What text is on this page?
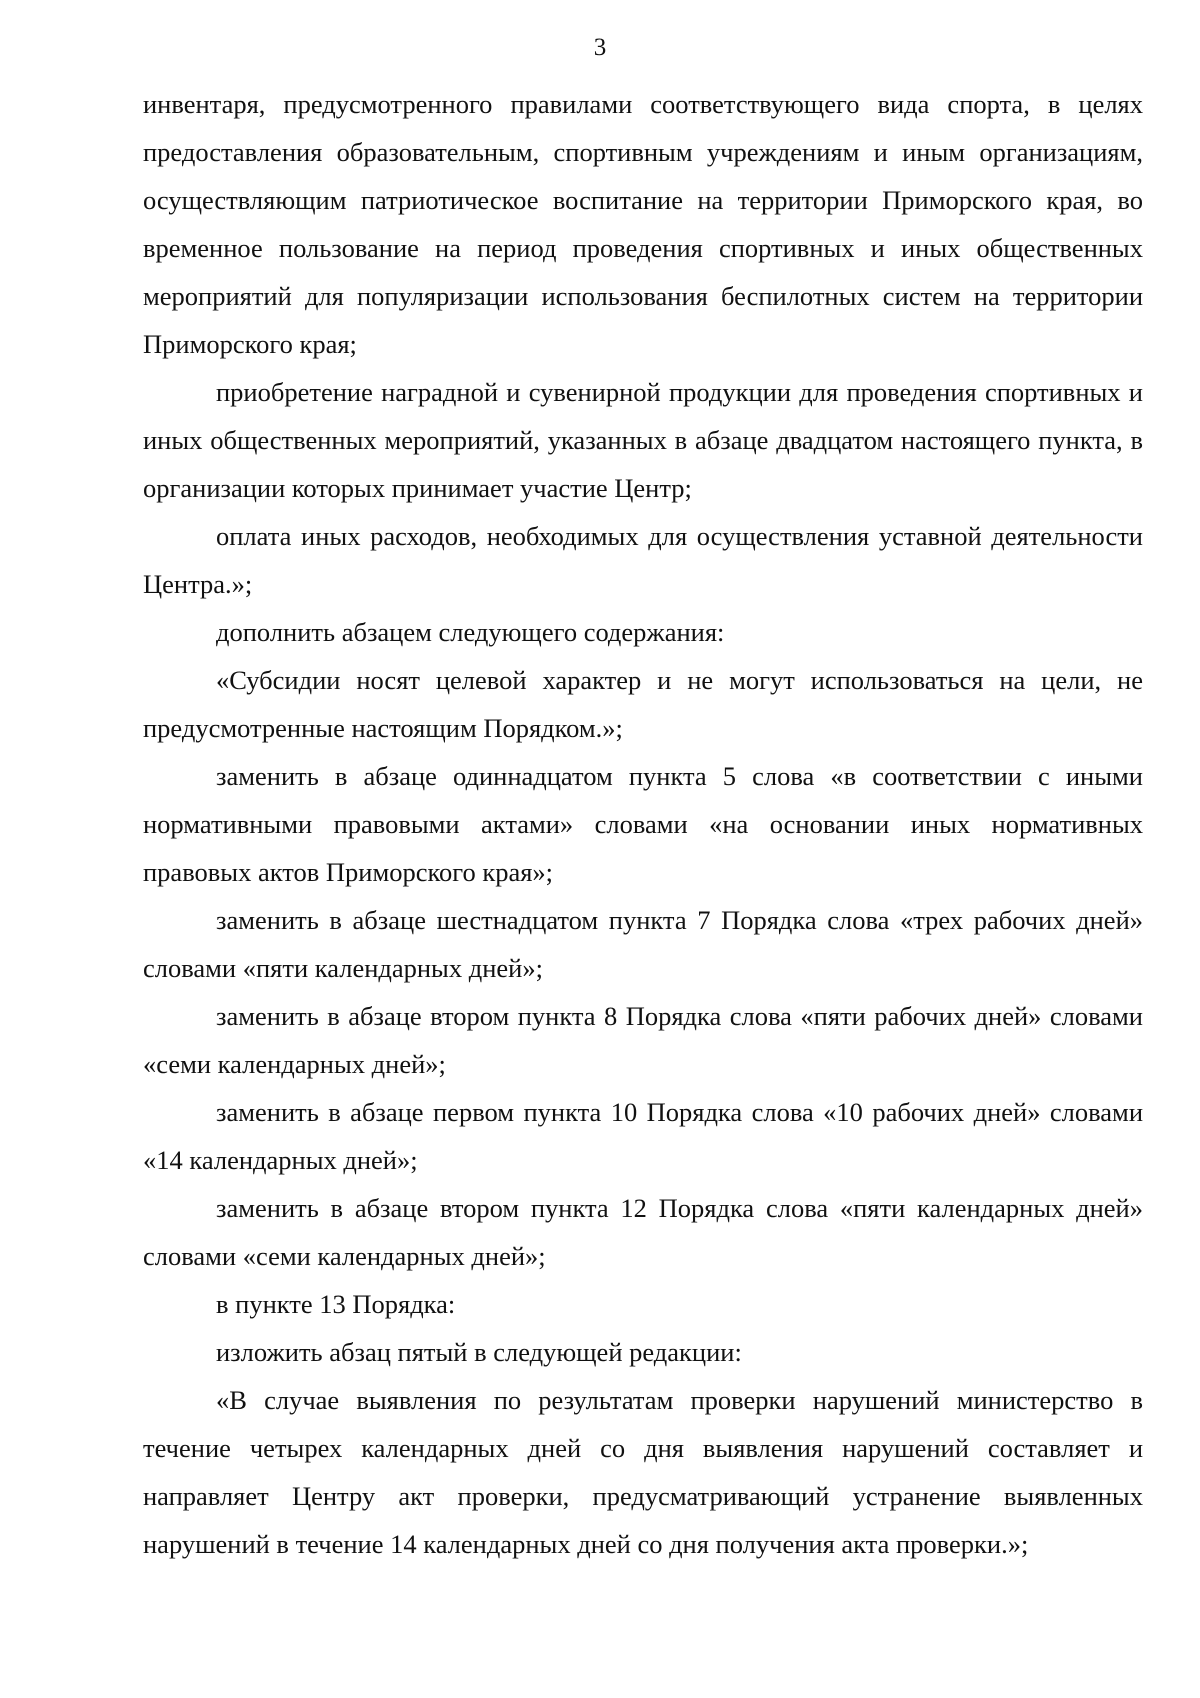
3

инвентаря, предусмотренного правилами соответствующего вида спорта, в целях предоставления образовательным, спортивным учреждениям и иным организациям, осуществляющим патриотическое воспитание на территории Приморского края, во временное пользование на период проведения спортивных и иных общественных мероприятий для популяризации использования беспилотных систем на территории Приморского края;

приобретение наградной и сувенирной продукции для проведения спортивных и иных общественных мероприятий, указанных в абзаце двадцатом настоящего пункта, в организации которых принимает участие Центр;

оплата иных расходов, необходимых для осуществления уставной деятельности Центра.»;

дополнить абзацем следующего содержания:

«Субсидии носят целевой характер и не могут использоваться на цели, не предусмотренные настоящим Порядком.»;

заменить в абзаце одиннадцатом пункта 5 слова «в соответствии с иными нормативными правовыми актами» словами «на основании иных нормативных правовых актов Приморского края»;

заменить в абзаце шестнадцатом пункта 7 Порядка слова «трех рабочих дней» словами «пяти календарных дней»;

заменить в абзаце втором пункта 8 Порядка слова «пяти рабочих дней» словами «семи календарных дней»;

заменить в абзаце первом пункта 10 Порядка слова «10 рабочих дней» словами «14 календарных дней»;

заменить в абзаце втором пункта 12 Порядка слова «пяти календарных дней» словами «семи календарных дней»;

в пункте 13 Порядка:

изложить абзац пятый в следующей редакции:

«В случае выявления по результатам проверки нарушений министерство в течение четырех календарных дней со дня выявления нарушений составляет и направляет Центру акт проверки, предусматривающий устранение выявленных нарушений в течение 14 календарных дней со дня получения акта проверки.»;
